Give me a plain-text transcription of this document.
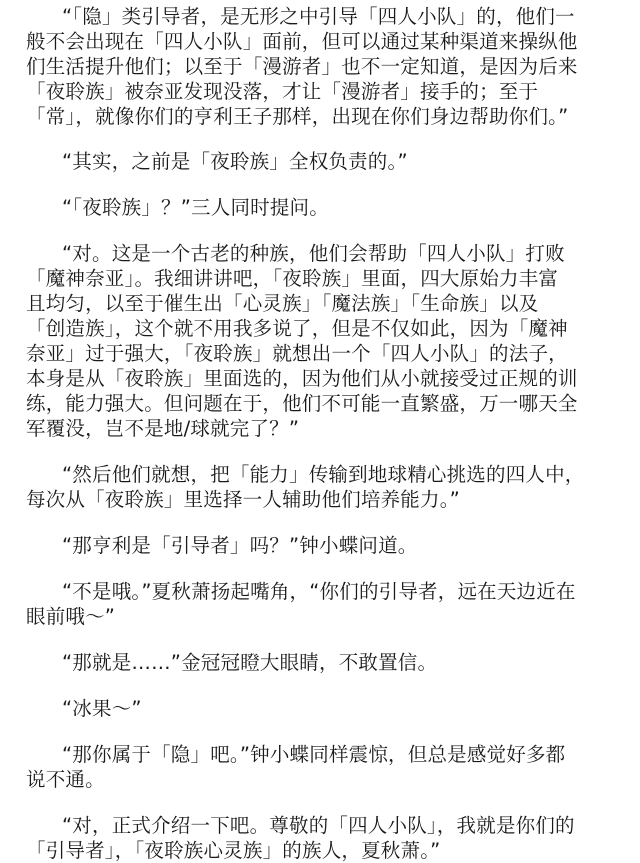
“「隐」类引导者，是无形之中引导「四人小队」的，他们一
般不会出现在「四人小队」面前，但可以通过某种渠道来操纵他
们生活提升他们；以至于「漫游者」也不一定知道，是因为后来
「夜聆族」被奈亚发现没落，才让「漫游者」接手的；至于
「常」，就像你们的亨利王子那样，出现在你们身边帮助你们。”

“其实，之前是「夜聆族」全权负责的。”

“「夜聆族」？”三人同时提问。

“对。这是一个古老的种族，他们会帮助「四人小队」打败
「魔神奈亚」。我细讲讲吧，「夜聆族」里面，四大原始力丰富
且均匀，以至于催生出「心灵族」「魔法族」「生命族」以及
「创造族」，这个就不用我多说了，但是不仅如此，因为「魔神
奈亚」过于强大，「夜聆族」就想出一个「四人小队」的法子，
本身是从「夜聆族」里面选的，因为他们从小就接受过正规的训
练，能力强大。但问题在于，他们不可能一直繁盛，万一哪天全
军覆没，岂不是地/球就完了？”

“然后他们就想，把「能力」传输到地球精心挑选的四人中，
每次从「夜聆族」里选择一人辅助他们培养能力。”

“那亨利是「引导者」吗？”钟小蝶问道。

“不是哦。”夏秋萧扬起嘴角，“你们的引导者，远在天边近在
眼前哦～”

“那就是……”金冠冠瞪大眼睛，不敢置信。

“冰果～”

“那你属于「隐」吧。”钟小蝶同样震惊，但总是感觉好多都
说不通。

“对，正式介绍一下吧。尊敬的「四人小队」，我就是你们的
「引导者」，「夜聆族心灵族」的族人，夏秋萧。”
